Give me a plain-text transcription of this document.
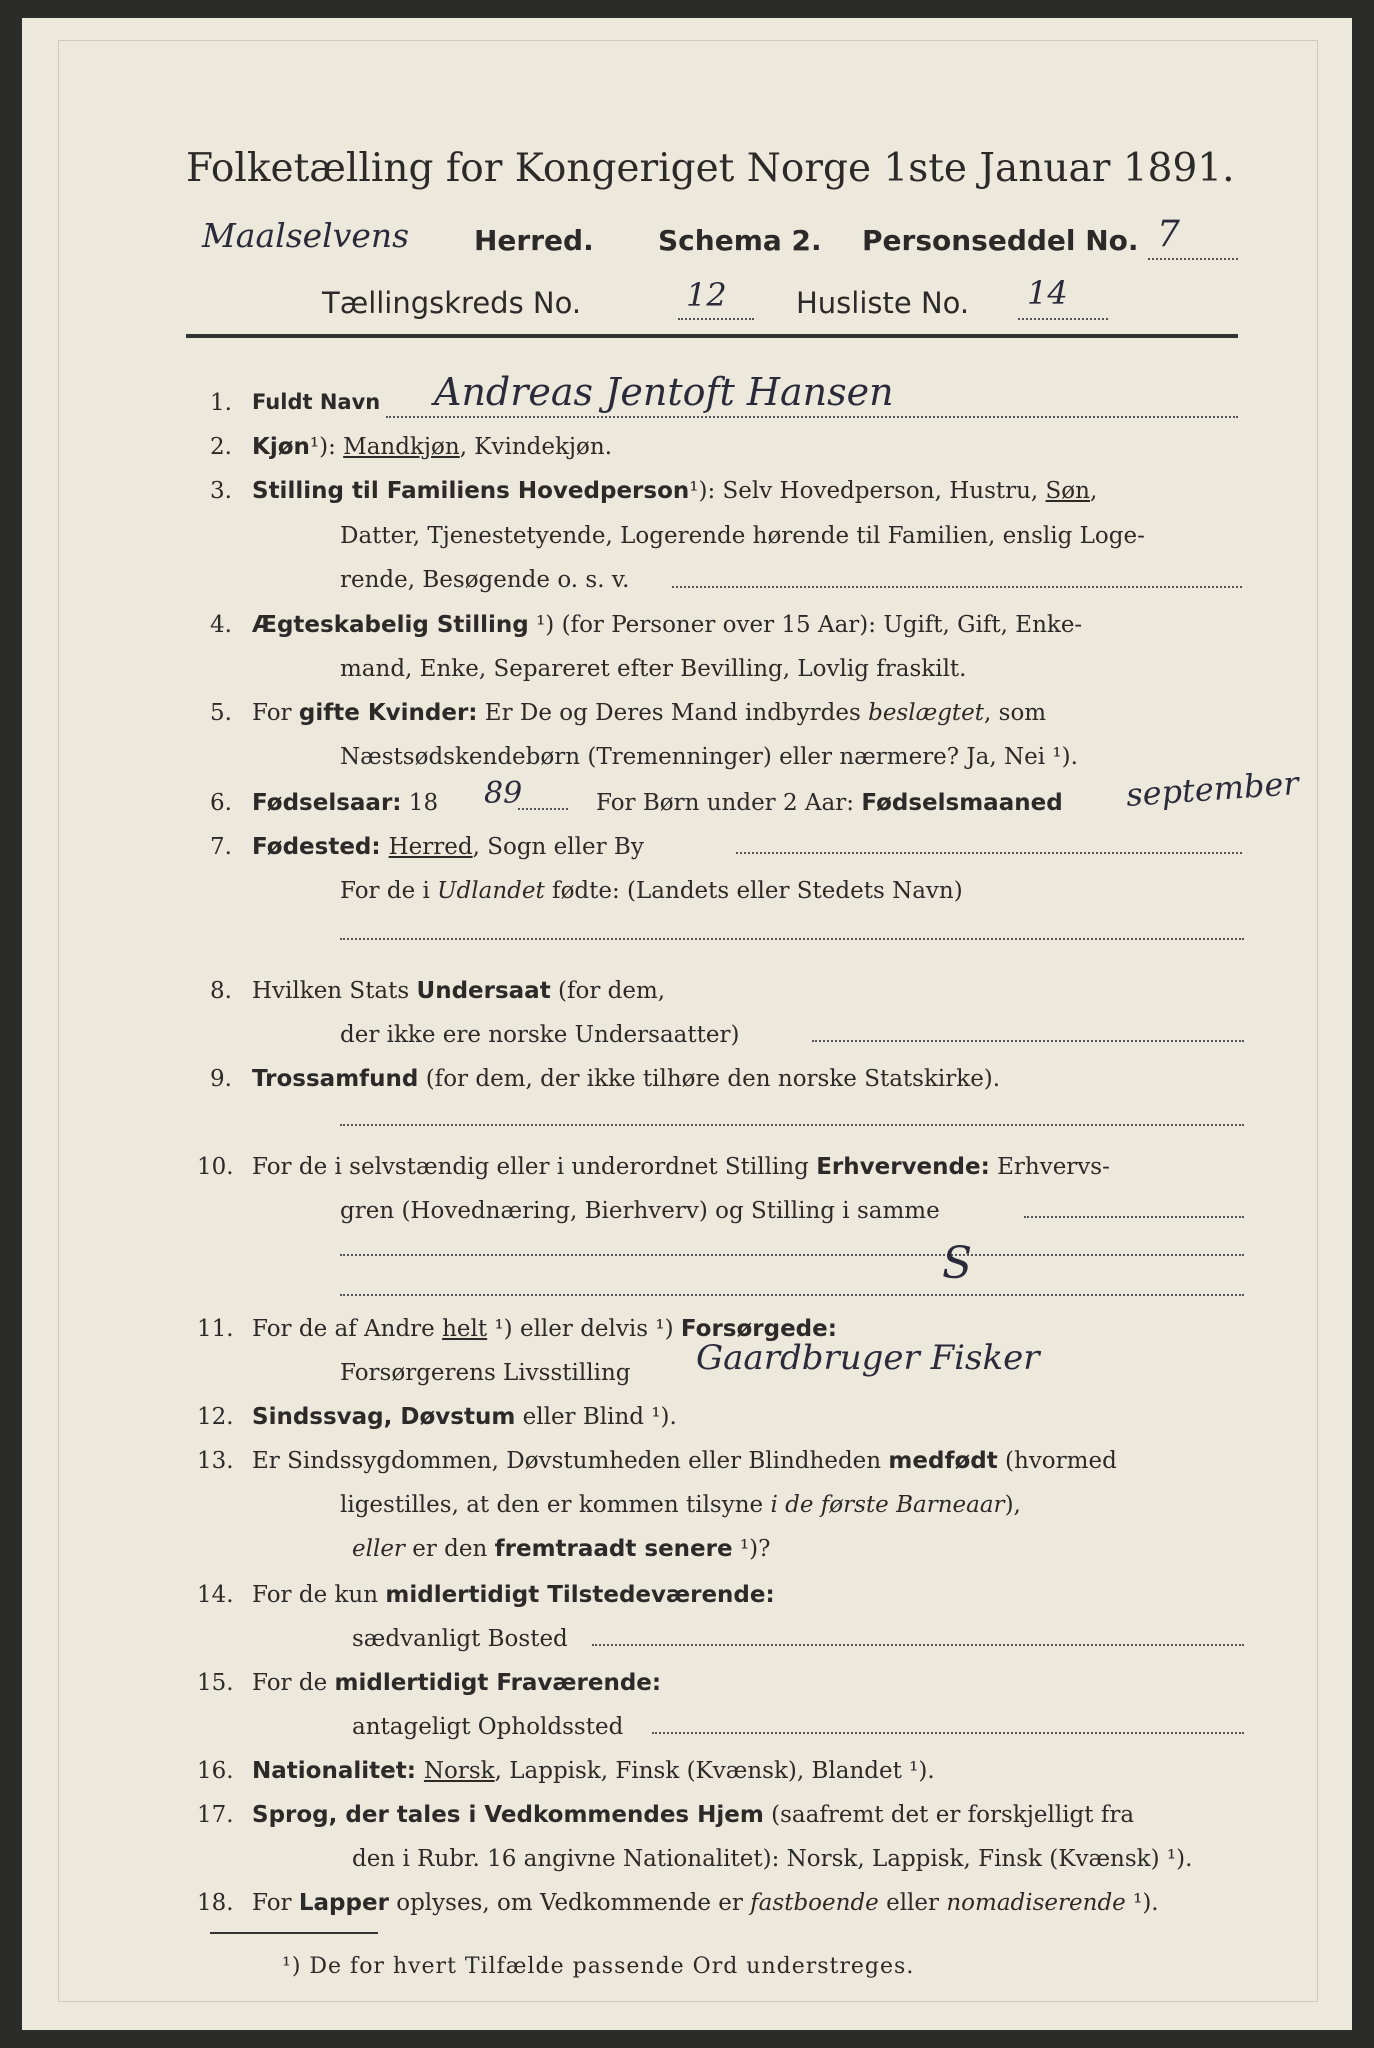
Folketælling for Kongeriget Norge 1ste Januar 1891.
Maalselvens Herred. Schema 2. Personseddel No. 7
Tællingskreds No.	12 Husliste No. 14
1. Fuldt Navn Andreas Jentoft Hansen
2. Kjøn¹): Mandkjøn, Kvindekjøn.
3. Stilling til Familiens Hovedperson¹): Selv Hovedperson, Hustru, Søn,
Datter, Tjenestetyende, Logerende hørende til Familien, enslig Loge-
rende, Besøgende o. s. v.
4. Ægteskabelig Stilling ¹) (for Personer over 15 Aar): Ugift, Gift, Enke-
mand, Enke, Separeret efter Bevilling, Lovlig fraskilt.
5. For gifte Kvinder: Er De og Deres Mand indbyrdes beslægtet, som
Næstsødskendebørn (Tremenninger) eller nærmere? Ja, Nei ¹).
6. Fødselsaar: 18 89	For Børn under 2 Aar: Fødselsmaaned september
7. Fødested: Herred, Sogn eller By
For de i Udlandet fødte: (Landets eller Stedets Navn)
8. Hvilken Stats Undersaat (for dem,
der ikke ere norske Undersaatter)
9. Trossamfund (for dem, der ikke tilhøre den norske Statskirke).
10. For de i selvstændig eller i underordnet Stilling Erhvervende: Erhvervs-
gren (Hovednæring, Bierhverv) og Stilling i samme
S
11. For de af Andre helt ¹) eller delvis ¹) Forsørgede:
Forsørgerens Livsstilling Gaardbruger Fisker
12. Sindssvag, Døvstum eller Blind ¹).
13. Er Sindssygdommen, Døvstumheden eller Blindheden medfødt (hvormed
ligestilles, at den er kommen tilsyne i de første Barneaar),
eller er den fremtraadt senere ¹)?
14. For de kun midlertidigt Tilstedeværende:
sædvanligt Bosted
15. For de midlertidigt Fraværende:
antageligt Opholdssted
16. Nationalitet: Norsk, Lappisk, Finsk (Kvænsk), Blandet ¹).
17. Sprog, der tales i Vedkommendes Hjem (saafremt det er forskjelligt fra
den i Rubr. 16 angivne Nationalitet): Norsk, Lappisk, Finsk (Kvænsk) ¹).
18. For Lapper oplyses, om Vedkommende er fastboende eller nomadiserende ¹).
¹) De for hvert Tilfælde passende Ord understreges.
